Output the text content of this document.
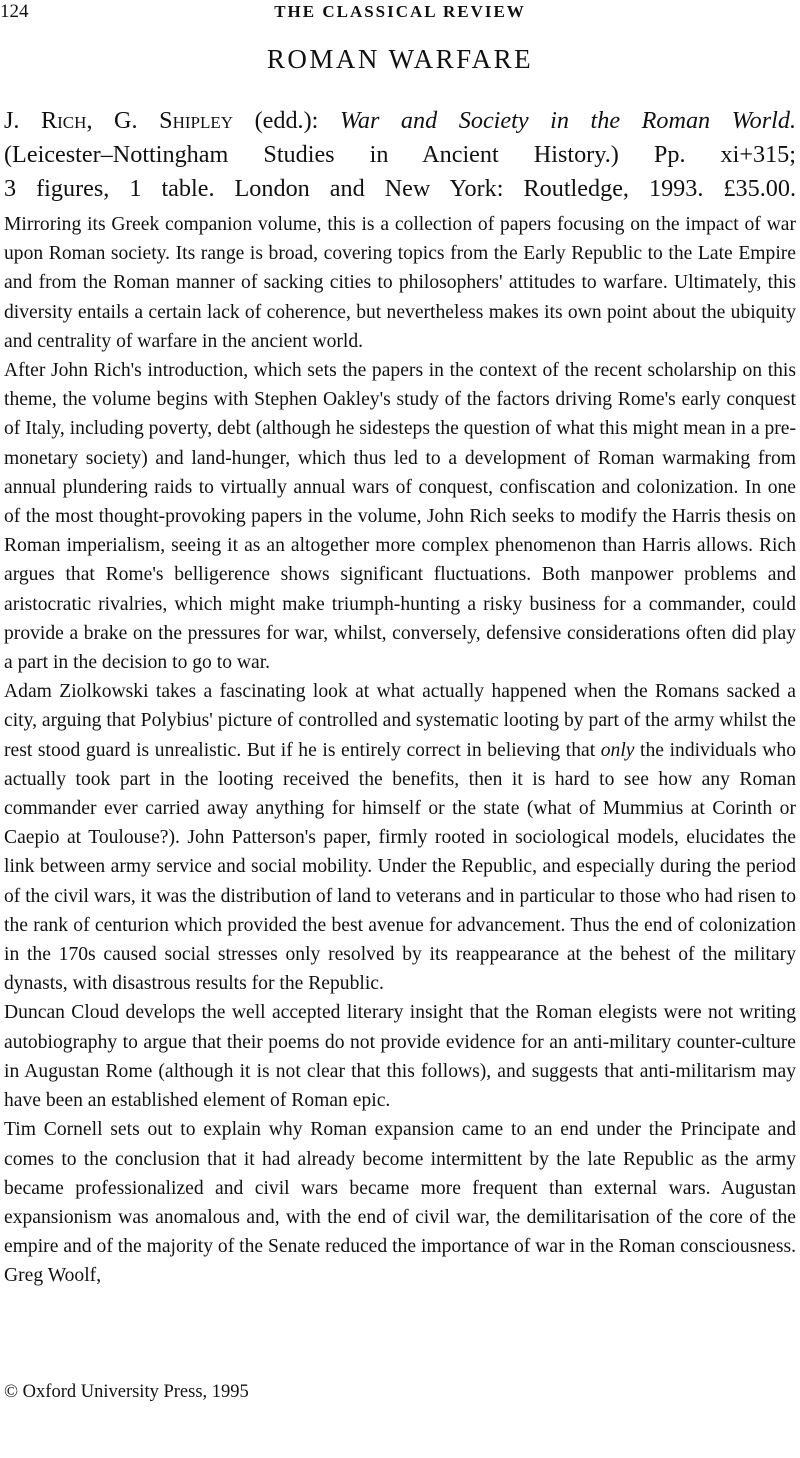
124	THE CLASSICAL REVIEW
ROMAN WARFARE
J. Rich, G. Shipley (edd.): War and Society in the Roman World.
(Leicester–Nottingham Studies in Ancient History.) Pp. xi+315;
3 figures, 1 table. London and New York: Routledge, 1993. £35.00.

Mirroring its Greek companion volume, this is a collection of papers focusing on the impact of war upon Roman society. Its range is broad, covering topics from the Early Republic to the Late Empire and from the Roman manner of sacking cities to philosophers' attitudes to warfare. Ultimately, this diversity entails a certain lack of coherence, but nevertheless makes its own point about the ubiquity and centrality of warfare in the ancient world.

After John Rich's introduction, which sets the papers in the context of the recent scholarship on this theme, the volume begins with Stephen Oakley's study of the factors driving Rome's early conquest of Italy, including poverty, debt (although he sidesteps the question of what this might mean in a pre-monetary society) and land-hunger, which thus led to a development of Roman warmaking from annual plundering raids to virtually annual wars of conquest, confiscation and colonization. In one of the most thought-provoking papers in the volume, John Rich seeks to modify the Harris thesis on Roman imperialism, seeing it as an altogether more complex phenomenon than Harris allows. Rich argues that Rome's belligerence shows significant fluctuations. Both manpower problems and aristocratic rivalries, which might make triumph-hunting a risky business for a commander, could provide a brake on the pressures for war, whilst, conversely, defensive considerations often did play a part in the decision to go to war.

Adam Ziolkowski takes a fascinating look at what actually happened when the Romans sacked a city, arguing that Polybius' picture of controlled and systematic looting by part of the army whilst the rest stood guard is unrealistic. But if he is entirely correct in believing that only the individuals who actually took part in the looting received the benefits, then it is hard to see how any Roman commander ever carried away anything for himself or the state (what of Mummius at Corinth or Caepio at Toulouse?). John Patterson's paper, firmly rooted in sociological models, elucidates the link between army service and social mobility. Under the Republic, and especially during the period of the civil wars, it was the distribution of land to veterans and in particular to those who had risen to the rank of centurion which provided the best avenue for advancement. Thus the end of colonization in the 170s caused social stresses only resolved by its reappearance at the behest of the military dynasts, with disastrous results for the Republic.

Duncan Cloud develops the well accepted literary insight that the Roman elegists were not writing autobiography to argue that their poems do not provide evidence for an anti-military counter-culture in Augustan Rome (although it is not clear that this follows), and suggests that anti-militarism may have been an established element of Roman epic.

Tim Cornell sets out to explain why Roman expansion came to an end under the Principate and comes to the conclusion that it had already become intermittent by the late Republic as the army became professionalized and civil wars became more frequent than external wars. Augustan expansionism was anomalous and, with the end of civil war, the demilitarisation of the core of the empire and of the majority of the Senate reduced the importance of war in the Roman consciousness. Greg Woolf,

© Oxford University Press, 1995
